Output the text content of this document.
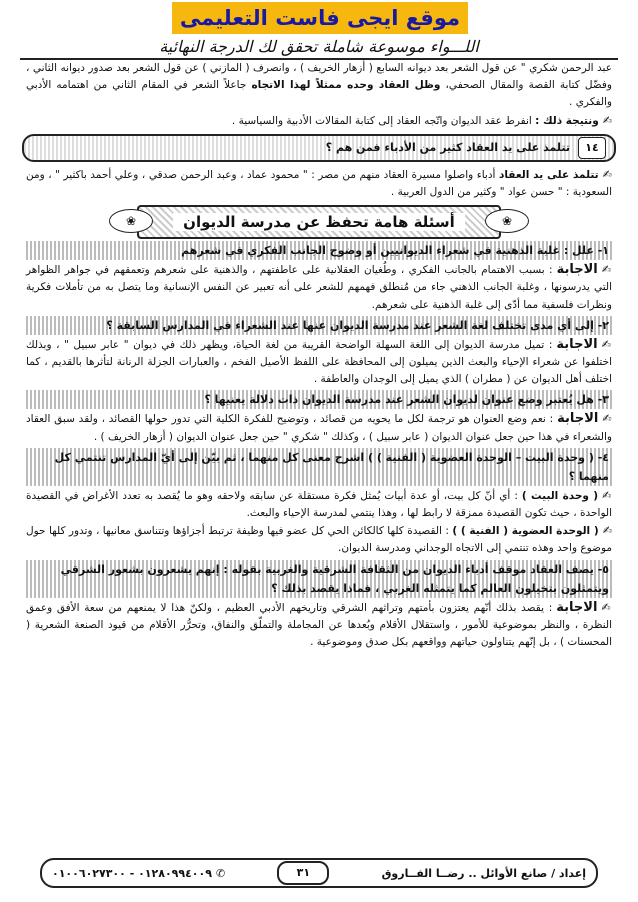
موقع ايجى فاست التعليمى
اللـــواء موسوعة شاملة تحقق لك الدرجة النهائية

عبد الرحمن شكري " عن قول الشعر بعد ديوانه السابع ( أزهار الخريف ) ، وانصرف ( المازني ) عن قول الشعر بعد صدور ديوانه الثاني ، وفضّل كتابة القصة والمقال الصحفي، وظل العقاد وحده ممثلاً لهذا الاتجاه جاعلاً الشعر في المقام الثاني من اهتمامه الأدبي والفكري .

✍ونتيجة ذلك : انفرط عقد الديوان واتّجه العقاد إلى كتابة المقالات الأدبية والسياسية .

١٤
تتلمذ على يد العقاد كثير من الأدباء فمن هم ؟

✍تتلمذ على يد العقاد أدباء واصلوا مسيرة العقاد منهم من مصر : " محمود عماد ، وعبد الرحمن صدقي ، وعلي أحمد باكثير " ، ومن السعودية : " حسن عواد " وكثير من الدول العربية .

❀
أسئلة هامة تحفظ عن مدرسة الديوان
❀
١- علل : غلبة الذهنية في شعراء الديوانيين أو وضوح الجانب الفكري في شعرهم

✍الاجابة: بسبب الاهتمام بالجانب الفكري ، وطُغيان العقلانية على عاطفتهم ، والذهنية على شعرهم وتعمقهم في جواهر الظواهر التي يدرسونها ، وغلبة الجانب الذهني جاء من مُنطلق فهمهم للشعر على أنه تعبير عن النفس الإنسانية وما يتصل به من تأملات فكرية ونظرات فلسفية مما أدّى إلى غلبة الذهنية على شعرهم.

٢- إلى أي مدى تختلف لغة الشعر عند مدرسة الديوان عنها عند الشعراء في المدارس السابقة ؟

✍الاجابة: تميل مدرسة الديوان إلى اللغة السهلة الواضحة القريبة من لغة الحياة، ويظهر ذلك في ديوان " عابر سبيل " ، وبذلك اختلفوا عن شعراء الإحياء والبعث الذين يميلون إلى المحافظة على اللفظ الأصيل الفخم ، والعبارات الجزلة الرنانة لتأثرها بالقديم ، كما اختلف أهل الديوان عن ( مطران ) الذي يميل إلى الوجدان والعاطفة .

٣- هل يُعتبر وضع عنوان لديوان الشعر عند مدرسة الديوان ذات دلالة يعنيها ؟

✍الاجابة: نعم وضع العنوان هو ترجمة لكل ما يحويه من قصائد ، وتوضيح للفكرة الكلية التي تدور حولها القصائد ، ولقد سبق العقاد والشعراء في هذا حين جعل عنوان الديوان ( عابر سبيل ) ، وكذلك " شكري " حين جعل عنوان الديوان ( أزهار الخريف ) .

٤- ( وحدة البيت – الوحدة العضوية ( الفنية ) ) اشرح معنى كل منهما ، ثم بيّن إلى أيّ المدارس تنتمي كل منهما ؟

✍( وحدة البيت ) : أي أنّ كل بيت، أو عدة أبيات يُمثل فكرة مستقلة عن سابقه ولاحقه وهو ما يُقصد به تعدد الأغراض في القصيدة الواحدة ، حيث تكون القصيدة ممزقة لا رابط لها ، وهذا ينتمي لمدرسة الإحياء والبعث.

✍( الوحدة العضوية ( الفنية ) ) : القصيدة كلها كالكائن الحي كل عضو فيها وظيفة ترتبط أجزاؤها وتتناسق معانيها ، وتدور كلها حول موضوع واحد وهذه تنتمي إلى الاتجاه الوجداني ومدرسة الديوان.

٥- يصف العقاد موقف أدباء الديوان من الثقافة الشرقية والغربية بقوله : إنهم يشعرون بشعور الشرقي ويتمثلون بتخيلون العالم كما يتمثله الغربي ، فماذا يقصد بذلك ؟

✍الاجابة: يقصد بذلك أنّهم يعتزون بأمتهم وتراثهم الشرقي وتاريخهم الأدبي العظيم ، ولكنّ هذا لا يمنعهم من سعة الأفق وعمق النظرة ، والنظر بموضوعية للأمور ، واستقلال الأقلام وبُعدها عن المجاملة والتملّق والنفاق، وتحرُّر الأقلام من قيود الصنعة الشعرية ( المحسنات ) ، بل إنّهم يتناولون حياتهم وواقعهم بكل صدق وموضوعية .

إعداد / صانع الأوائل .. رضــا الفــاروق
٣١
✆
٠١٢٨٠٩٩٤٠٠٩ - ٠١٠٠٦٠٢٧٣٠٠
